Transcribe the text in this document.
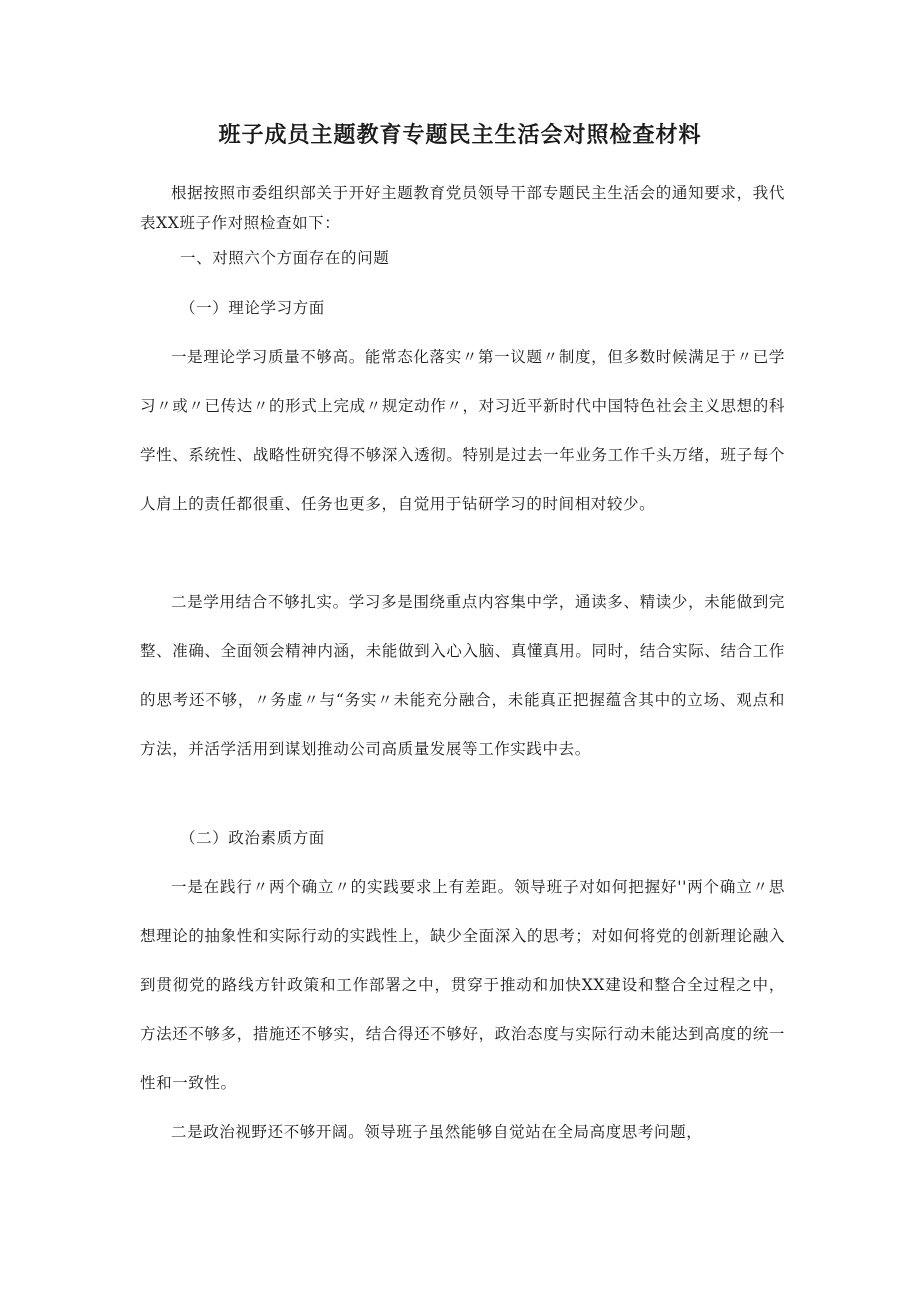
班子成员主题教育专题民主生活会对照检查材料

根据按照市委组织部关于开好主题教育党员领导干部专题民主生活会的通知要求，我代表XX班子作对照检查如下：

一、对照六个方面存在的问题

（一）理论学习方面

一是理论学习质量不够高。能常态化落实〃第一议题〃制度，但多数时候满足于〃已学习〃或〃已传达〃的形式上完成〃规定动作〃，对习近平新时代中国特色社会主义思想的科学性、系统性、战略性研究得不够深入透彻。特别是过去一年业务工作千头万绪，班子每个人肩上的责任都很重、任务也更多，自觉用于钻研学习的时间相对较少。

二是学用结合不够扎实。学习多是围绕重点内容集中学，通读多、精读少，未能做到完整、准确、全面领会精神内涵，未能做到入心入脑、真懂真用。同时，结合实际、结合工作的思考还不够，〃务虚〃与“务实〃未能充分融合，未能真正把握蕴含其中的立场、观点和方法，并活学活用到谋划推动公司高质量发展等工作实践中去。

（二）政治素质方面

一是在践行〃两个确立〃的实践要求上有差距。领导班子对如何把握好''两个确立〃思想理论的抽象性和实际行动的实践性上，缺少全面深入的思考；对如何将党的创新理论融入到贯彻党的路线方针政策和工作部署之中，贯穿于推动和加快XX建设和整合全过程之中，方法还不够多，措施还不够实，结合得还不够好，政治态度与实际行动未能达到高度的统一性和一致性。

二是政治视野还不够开阔。领导班子虽然能够自觉站在全局高度思考问题，
